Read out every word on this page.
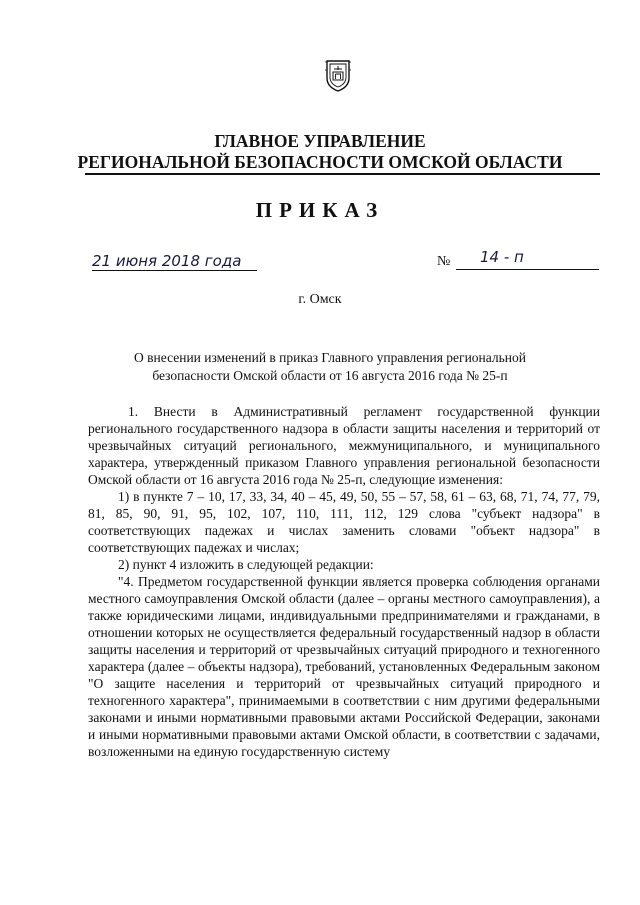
ГЛАВНОЕ УПРАВЛЕНИЕ
РЕГИОНАЛЬНОЙ БЕЗОПАСНОСТИ ОМСКОЙ ОБЛАСТИ
ПРИКАЗ
21 июня 2018 года	№ 14 - п
г. Омск
О внесении изменений в приказ Главного управления региональной
безопасности Омской области от 16 августа 2016 года № 25-п

1. Внести в Административный регламент государственной функции регионального государственного надзора в области защиты населения и территорий от чрезвычайных ситуаций регионального, межмуниципального, и муниципального характера, утвержденный приказом Главного управления региональной безопасности Омской области от 16 августа 2016 года № 25-п, следующие изменения:

1) в пункте 7 – 10, 17, 33, 34, 40 – 45, 49, 50, 55 – 57, 58, 61 – 63, 68, 71, 74, 77, 79, 81, 85, 90, 91, 95, 102, 107, 110, 111, 112, 129 слова "субъект надзора" в соответствующих падежах и числах заменить словами "объект надзора" в соответствующих падежах и числах;

2) пункт 4 изложить в следующей редакции:

"4. Предметом государственной функции является проверка соблюдения органами местного самоуправления Омской области (далее – органы местного самоуправления), а также юридическими лицами, индивидуальными предпринимателями и гражданами, в отношении которых не осуществляется федеральный государственный надзор в области защиты населения и территорий от чрезвычайных ситуаций природного и техногенного характера (далее – объекты надзора), требований, установленных Федеральным законом "О защите населения и территорий от чрезвычайных ситуаций природного и техногенного характера", принимаемыми в соответствии с ним другими федеральными законами и иными нормативными правовыми актами Российской Федерации, законами и иными нормативными правовыми актами Омской области, в соответствии с задачами, возложенными на единую государственную систему
